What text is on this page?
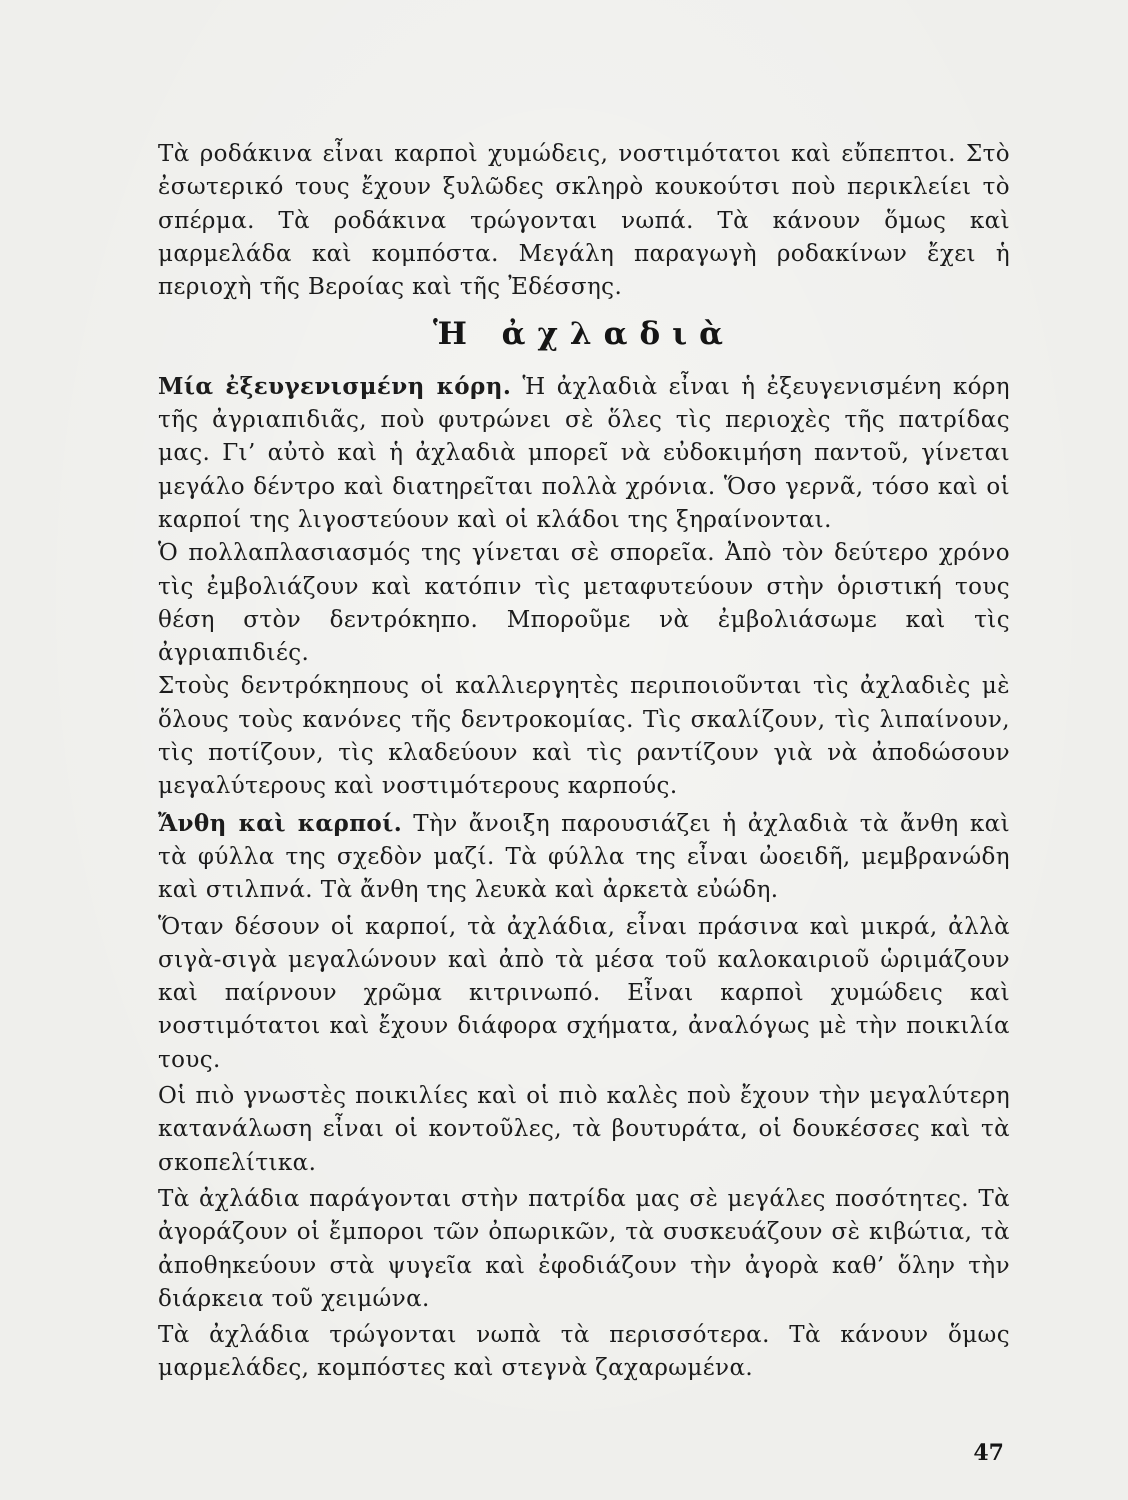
Τὰ ροδάκινα εἶναι καρποὶ χυμώδεις, νοστιμότατοι καὶ εὔπεπτοι. Στὸ ἐσωτερικό τους ἔχουν ξυλῶδες σκληρὸ κουκούτσι ποὺ περικλείει τὸ σπέρμα. Τὰ ροδάκινα τρώγονται νωπά. Τὰ κάνουν ὅμως καὶ μαρμελάδα καὶ κομπόστα. Μεγάλη παραγωγὴ ροδακίνων ἔχει ἡ περιοχὴ τῆς Βεροίας καὶ τῆς Ἐδέσσης.

Ἡ ἀχλαδιὰ

Μία ἐξευγενισμένη κόρη. Ἡ ἀχλαδιὰ εἶναι ἡ ἐξευγενισμένη κόρη τῆς ἀγριαπιδιᾶς, ποὺ φυτρώνει σὲ ὅλες τὶς περιοχὲς τῆς πατρίδας μας. Γι’ αὐτὸ καὶ ἡ ἀχλαδιὰ μπορεῖ νὰ εὐδοκιμήση παντοῦ, γίνεται μεγάλο δέντρο καὶ διατηρεῖται πολλὰ χρόνια. Ὅσο γερνᾶ, τόσο καὶ οἱ καρποί της λιγοστεύουν καὶ οἱ κλάδοι της ξηραίνονται.

Ὁ πολλαπλασιασμός της γίνεται σὲ σπορεῖα. Ἀπὸ τὸν δεύτερο χρόνο τὶς ἐμβολιάζουν καὶ κατόπιν τὶς μεταφυτεύουν στὴν ὁριστική τους θέση στὸν δεντρόκηπο. Μποροῦμε νὰ ἐμβολιάσωμε καὶ τὶς ἀγριαπιδιές.

Στοὺς δεντρόκηπους οἱ καλλιεργητὲς περιποιοῦνται τὶς ἀχλαδιὲς μὲ ὅλους τοὺς κανόνες τῆς δεντροκομίας. Τὶς σκαλίζουν, τὶς λιπαίνουν, τὶς ποτίζουν, τὶς κλαδεύουν καὶ τὶς ραντίζουν γιὰ νὰ ἀποδώσουν μεγαλύτερους καὶ νοστιμότερους καρπούς.

Ἄνθη καὶ καρποί. Τὴν ἄνοιξη παρουσιάζει ἡ ἀχλαδιὰ τὰ ἄνθη καὶ τὰ φύλλα της σχεδὸν μαζί. Τὰ φύλλα της εἶναι ὠοειδῆ, μεμβρανώδη καὶ στιλπνά. Τὰ ἄνθη της λευκὰ καὶ ἀρκετὰ εὐώδη.

Ὅταν δέσουν οἱ καρποί, τὰ ἀχλάδια, εἶναι πράσινα καὶ μικρά, ἀλλὰ σιγὰ-σιγὰ μεγαλώνουν καὶ ἀπὸ τὰ μέσα τοῦ καλοκαιριοῦ ὡριμάζουν καὶ παίρνουν χρῶμα κιτρινωπό. Εἶναι καρποὶ χυμώδεις καὶ νοστιμότατοι καὶ ἔχουν διάφορα σχήματα, ἀναλόγως μὲ τὴν ποικιλία τους.

Οἱ πιὸ γνωστὲς ποικιλίες καὶ οἱ πιὸ καλὲς ποὺ ἔχουν τὴν μεγαλύτερη κατανάλωση εἶναι οἱ κοντοῦλες, τὰ βουτυράτα, οἱ δουκέσσες καὶ τὰ σκοπελίτικα.

Τὰ ἀχλάδια παράγονται στὴν πατρίδα μας σὲ μεγάλες ποσότητες. Τὰ ἀγοράζουν οἱ ἔμποροι τῶν ὀπωρικῶν, τὰ συσκευάζουν σὲ κιβώτια, τὰ ἀποθηκεύουν στὰ ψυγεῖα καὶ ἐφοδιάζουν τὴν ἀγορὰ καθ’ ὅλην τὴν διάρκεια τοῦ χειμώνα.

Τὰ ἀχλάδια τρώγονται νωπὰ τὰ περισσότερα. Τὰ κάνουν ὅμως μαρμελάδες, κομπόστες καὶ στεγνὰ ζαχαρωμένα.

47
